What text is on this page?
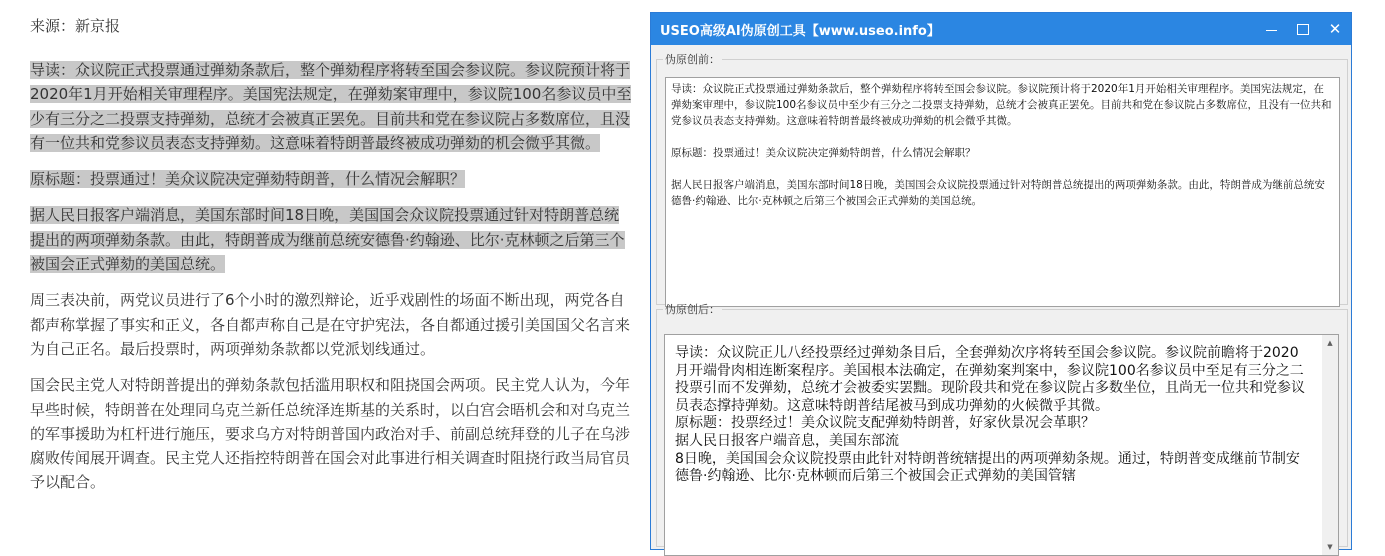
来源：新京报

导读：众议院正式投票通过弹劾条款后，整个弹劾程序将转至国会参议院。参议院预计将于2020年1月开始相关审理程序。美国宪法规定，在弹劾案审理中，参议院100名参议员中至少有三分之二投票支持弹劾，总统才会被真正罢免。目前共和党在参议院占多数席位，且没有一位共和党参议员表态支持弹劾。这意味着特朗普最终被成功弹劾的机会微乎其微。

原标题：投票通过！美众议院决定弹劾特朗普，什么情况会解职？

据人民日报客户端消息，美国东部时间18日晚，美国国会众议院投票通过针对特朗普总统提出的两项弹劾条款。由此，特朗普成为继前总统安德鲁·约翰逊、比尔·克林顿之后第三个被国会正式弹劾的美国总统。

周三表决前，两党议员进行了6个小时的激烈辩论，近乎戏剧性的场面不断出现，两党各自都声称掌握了事实和正义，各自都声称自己是在守护宪法，各自都通过援引美国国父名言来为自己正名。最后投票时，两项弹劾条款都以党派划线通过。

国会民主党人对特朗普提出的弹劾条款包括滥用职权和阻挠国会两项。民主党人认为，今年早些时候，特朗普在处理同乌克兰新任总统泽连斯基的关系时，以白宫会晤机会和对乌克兰的军事援助为杠杆进行施压，要求乌方对特朗普国内政治对手、前副总统拜登的儿子在乌涉腐败传闻展开调查。民主党人还指控特朗普在国会对此事进行相关调查时阻挠行政当局官员予以配合。

USEO高级AI伪原创工具【www.useo.info】	✕
伪原创前：
导读：众议院正式投票通过弹劾条款后，整个弹劾程序将转至国会参议院。参议院预计将于2020年1月开始相关审理程序。美国宪法规定，在弹劾案审理中，参议院100名参议员中至少有三分之二投票支持弹劾，总统才会被真正罢免。目前共和党在参议院占多数席位，且没有一位共和党参议员表态支持弹劾。这意味着特朗普最终被成功弹劾的机会微乎其微。

原标题：投票通过！美众议院决定弹劾特朗普，什么情况会解职？

据人民日报客户端消息，美国东部时间18日晚，美国国会众议院投票通过针对特朗普总统提出的两项弹劾条款。由此，特朗普成为继前总统安德鲁·约翰逊、比尔·克林顿之后第三个被国会正式弹劾的美国总统。
伪原创后：
导读：众议院正儿八经投票经过弹劾条目后，全套弹劾次序将转至国会参议院。参议院前瞻将于2020
月开端骨肉相连断案程序。美国根本法确定，在弹劾案判案中，参议院100名参议员中至足有三分之二投票引而不发弹劾，总统才会被委实罢黜。现阶段共和党在参议院占多数坐位，且尚无一位共和党参议员表态撑持弹劾。这意味特朗普结尾被马到成功弹劾的火候微乎其微。
原标题：投票经过！美众议院支配弹劾特朗普，好家伙景况会革职？
据人民日报客户端音息，美国东部流
8日晚，美国国会众议院投票由此针对特朗普统辖提出的两项弹劾条规。通过，特朗普变成继前节制安德鲁·约翰逊、比尔·克林顿而后第三个被国会正式弹劾的美国管辖
▲
▼
